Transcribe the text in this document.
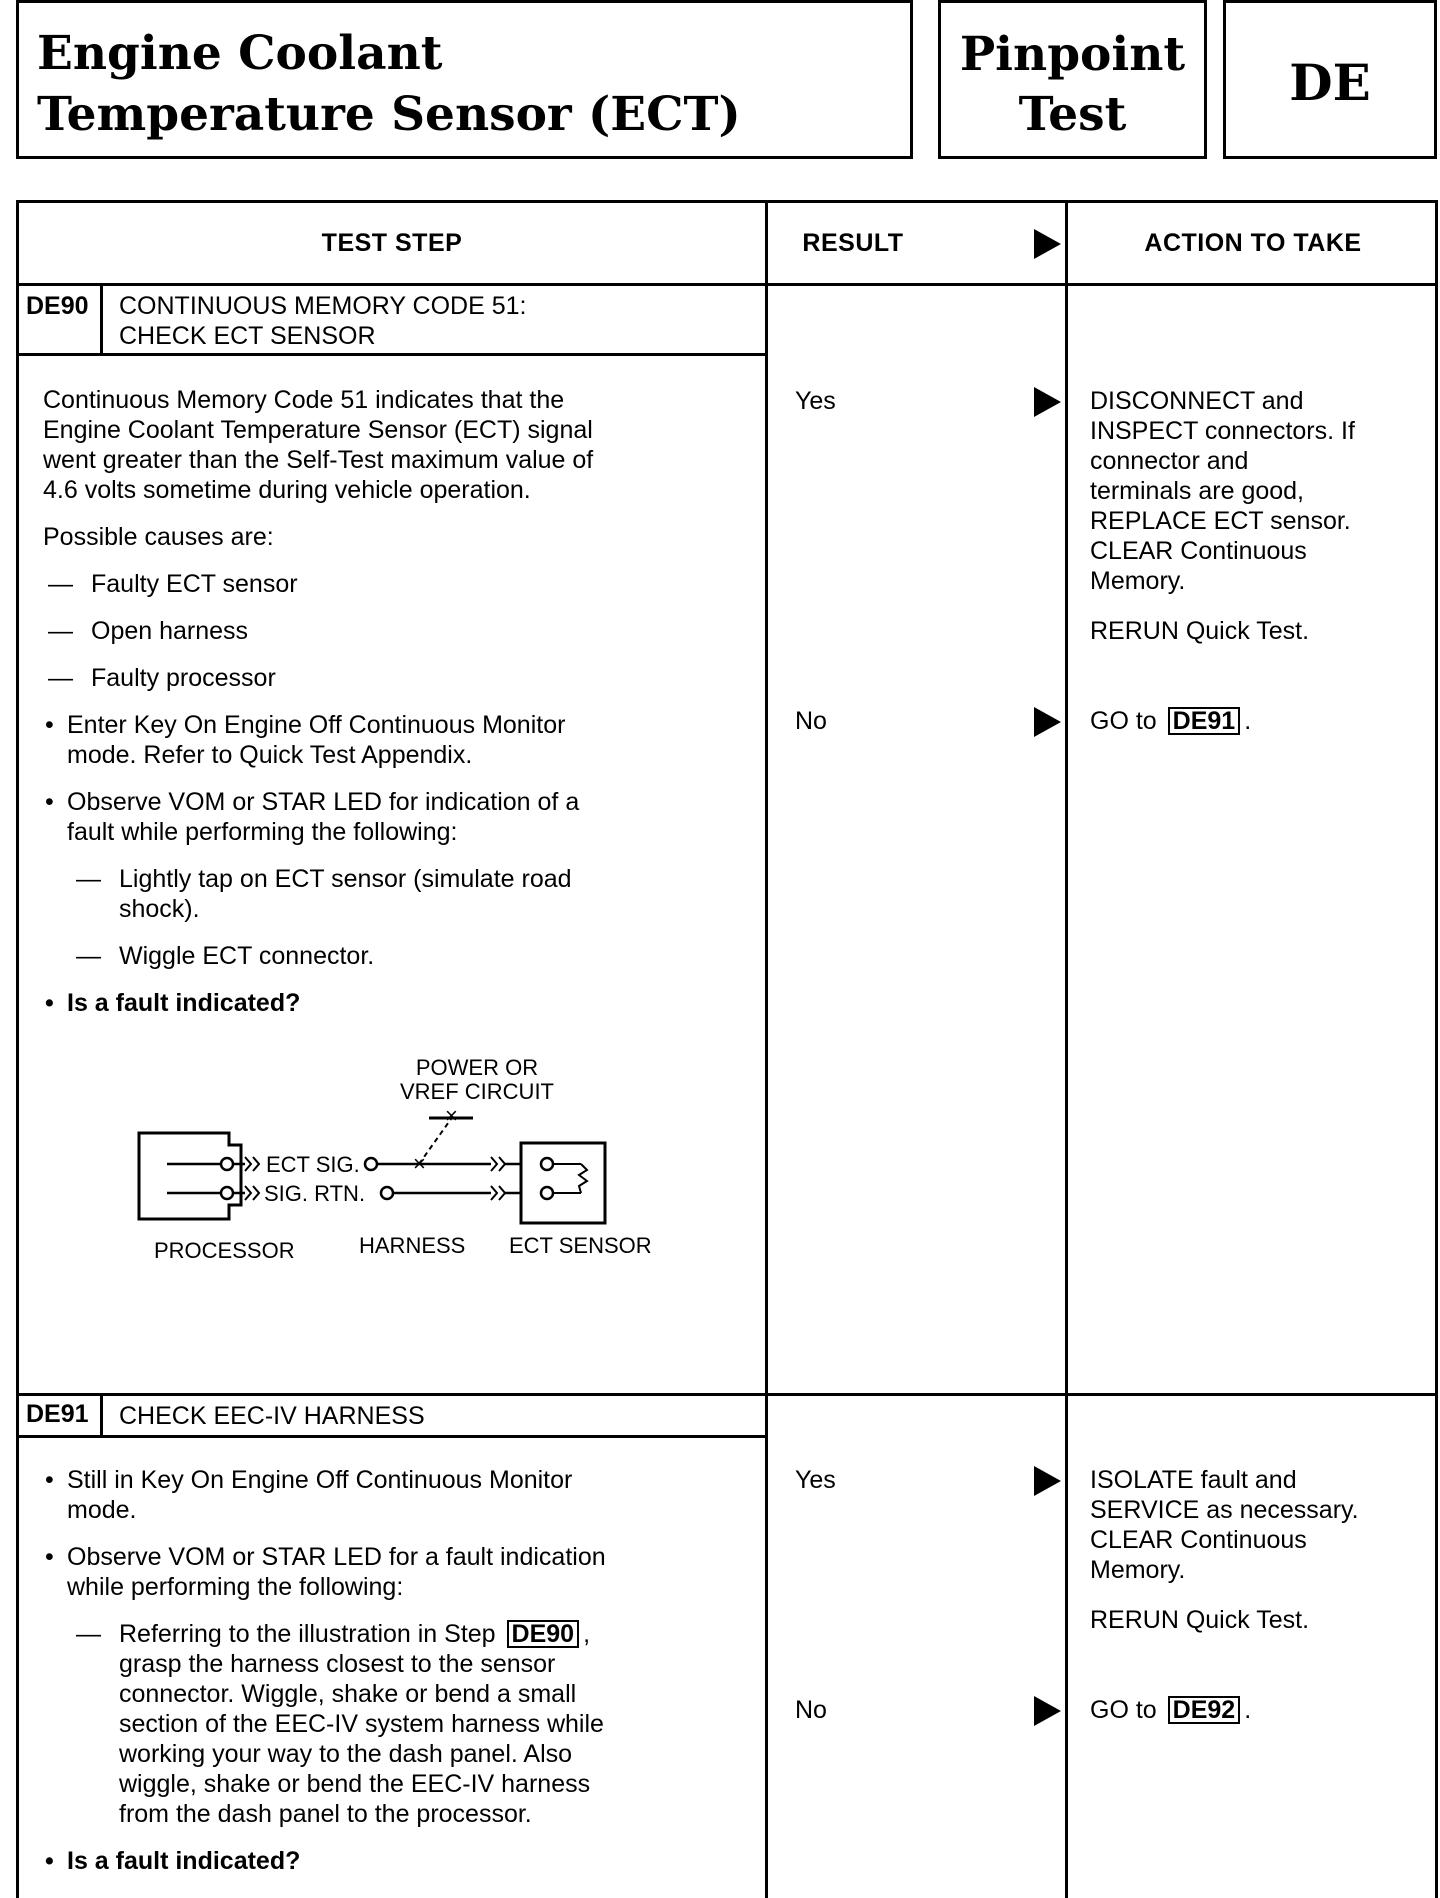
Engine Coolant
Temperature Sensor (ECT)
Pinpoint
Test
DE
TEST STEP	RESULT	ACTION TO TAKE
DE90	CONTINUOUS MEMORY CODE 51:
CHECK ECT SENSOR

Continuous Memory Code 51 indicates that the
Engine Coolant Temperature Sensor (ECT) signal
went greater than the Self-Test maximum value of
4.6 volts sometime during vehicle operation.

Possible causes are:

— Faulty ECT sensor
— Open harness
— Faulty processor
• Enter Key On Engine Off Continuous Monitor
mode. Refer to Quick Test Appendix.
• Observe VOM or STAR LED for indication of a
fault while performing the following:
— Lightly tap on ECT sensor (simulate road
shock).
— Wiggle ECT connector.
• Is a fault indicated?
ECT SIG.
SIG. RTN.
×
×
POWER OR
VREF CIRCUIT
PROCESSOR	HARNESS ECT SENSOR
Yes	DISCONNECT and
INSPECT connectors. If
connector and
terminals are good,
REPLACE ECT sensor.
CLEAR Continuous
Memory.

RERUN Quick Test.

No	GO to DE91 .
DE91	CHECK EEC-IV HARNESS
• Still in Key On Engine Off Continuous Monitor
mode.
• Observe VOM or STAR LED for a fault indication
while performing the following:
— Referring to the illustration in Step DE90 ,
grasp the harness closest to the sensor
connector. Wiggle, shake or bend a small
section of the EEC-IV system harness while
working your way to the dash panel. Also
wiggle, shake or bend the EEC-IV harness
from the dash panel to the processor.
• Is a fault indicated?
Yes	ISOLATE fault and
SERVICE as necessary.
CLEAR Continuous
Memory.

RERUN Quick Test.

No	GO to DE92 .
